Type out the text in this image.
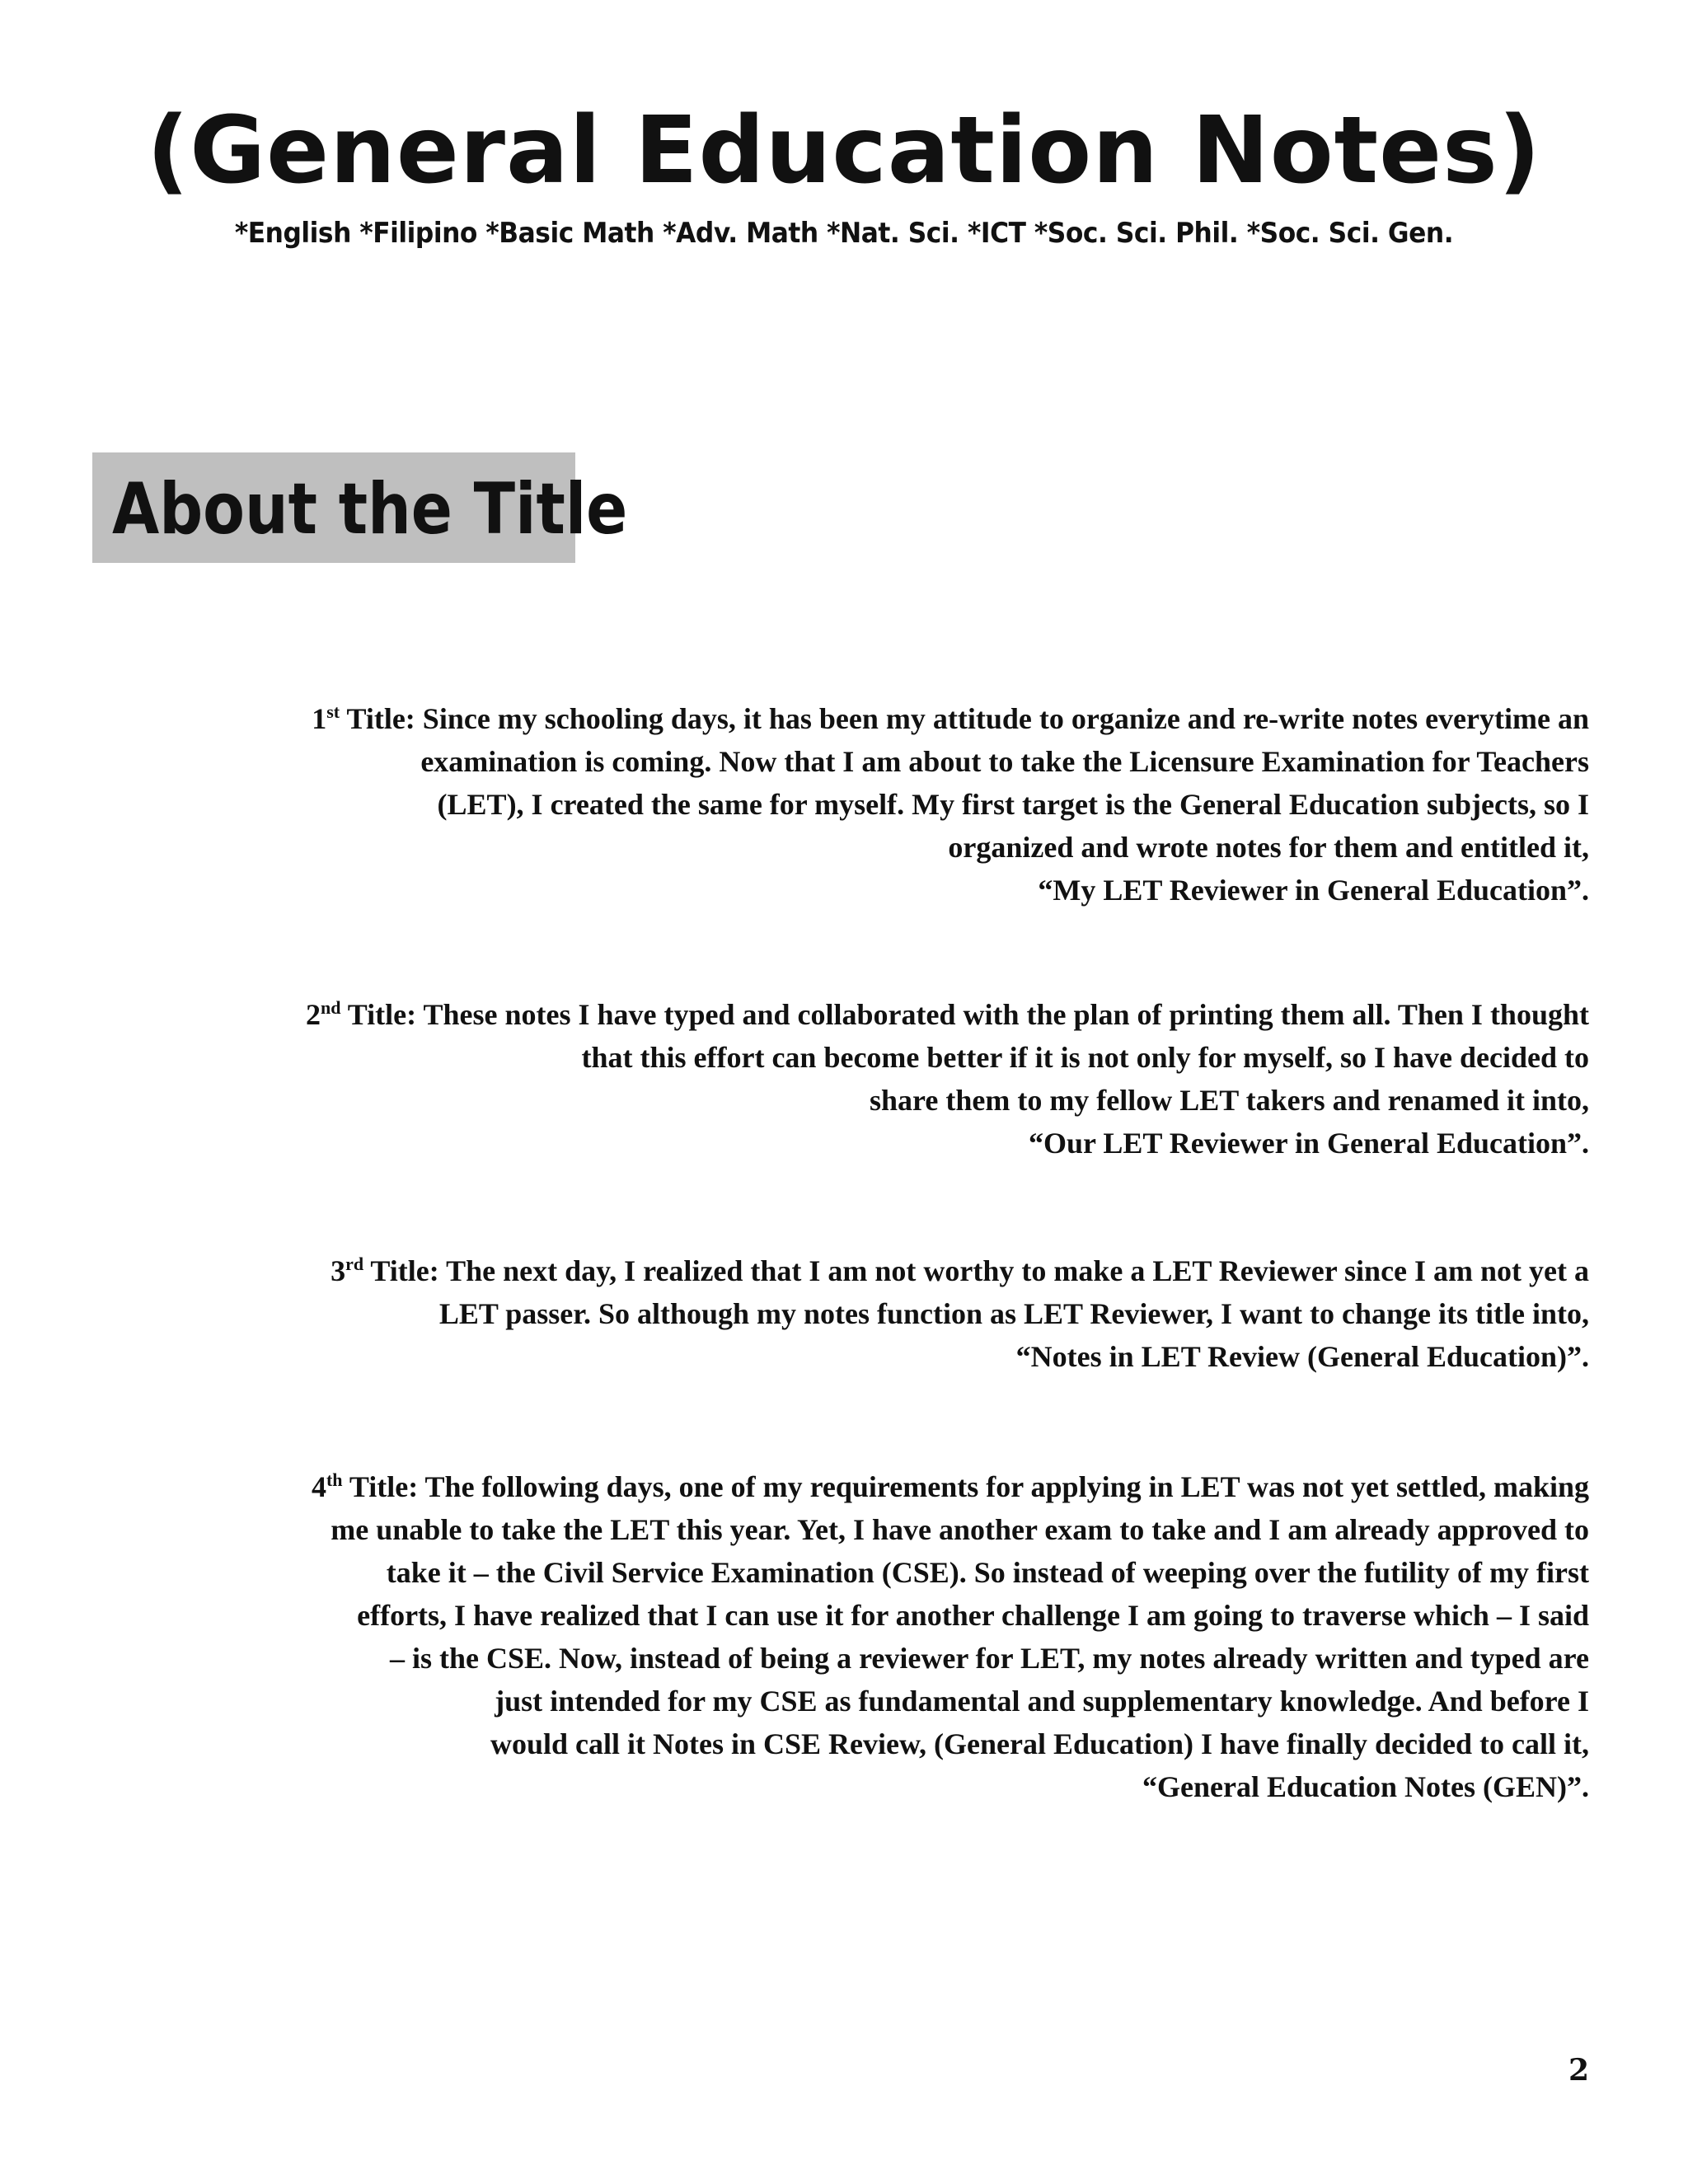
(General Education Notes)
*English *Filipino *Basic Math *Adv. Math *Nat. Sci. *ICT *Soc. Sci. Phil. *Soc. Sci. Gen.
About the Title
1st Title: Since my schooling days, it has been my attitude to organize and re-write notes everytime an
examination is coming. Now that I am about to take the Licensure Examination for Teachers
(LET), I created the same for myself. My first target is the General Education subjects, so I
organized and wrote notes for them and entitled it,
“My LET Reviewer in General Education”.
2nd Title: These notes I have typed and collaborated with the plan of printing them all. Then I thought
that this effort can become better if it is not only for myself, so I have decided to
share them to my fellow LET takers and renamed it into,
“Our LET Reviewer in General Education”.
3rd Title: The next day, I realized that I am not worthy to make a LET Reviewer since I am not yet a
LET passer. So although my notes function as LET Reviewer, I want to change its title into,
“Notes in LET Review (General Education)”.
4th Title: The following days, one of my requirements for applying in LET was not yet settled, making
me unable to take the LET this year. Yet, I have another exam to take and I am already approved to
take it – the Civil Service Examination (CSE). So instead of weeping over the futility of my first
efforts, I have realized that I can use it for another challenge I am going to traverse which – I said
– is the CSE. Now, instead of being a reviewer for LET, my notes already written and typed are
just intended for my CSE as fundamental and supplementary knowledge. And before I
would call it Notes in CSE Review, (General Education) I have finally decided to call it,
“General Education Notes (GEN)”.
2
